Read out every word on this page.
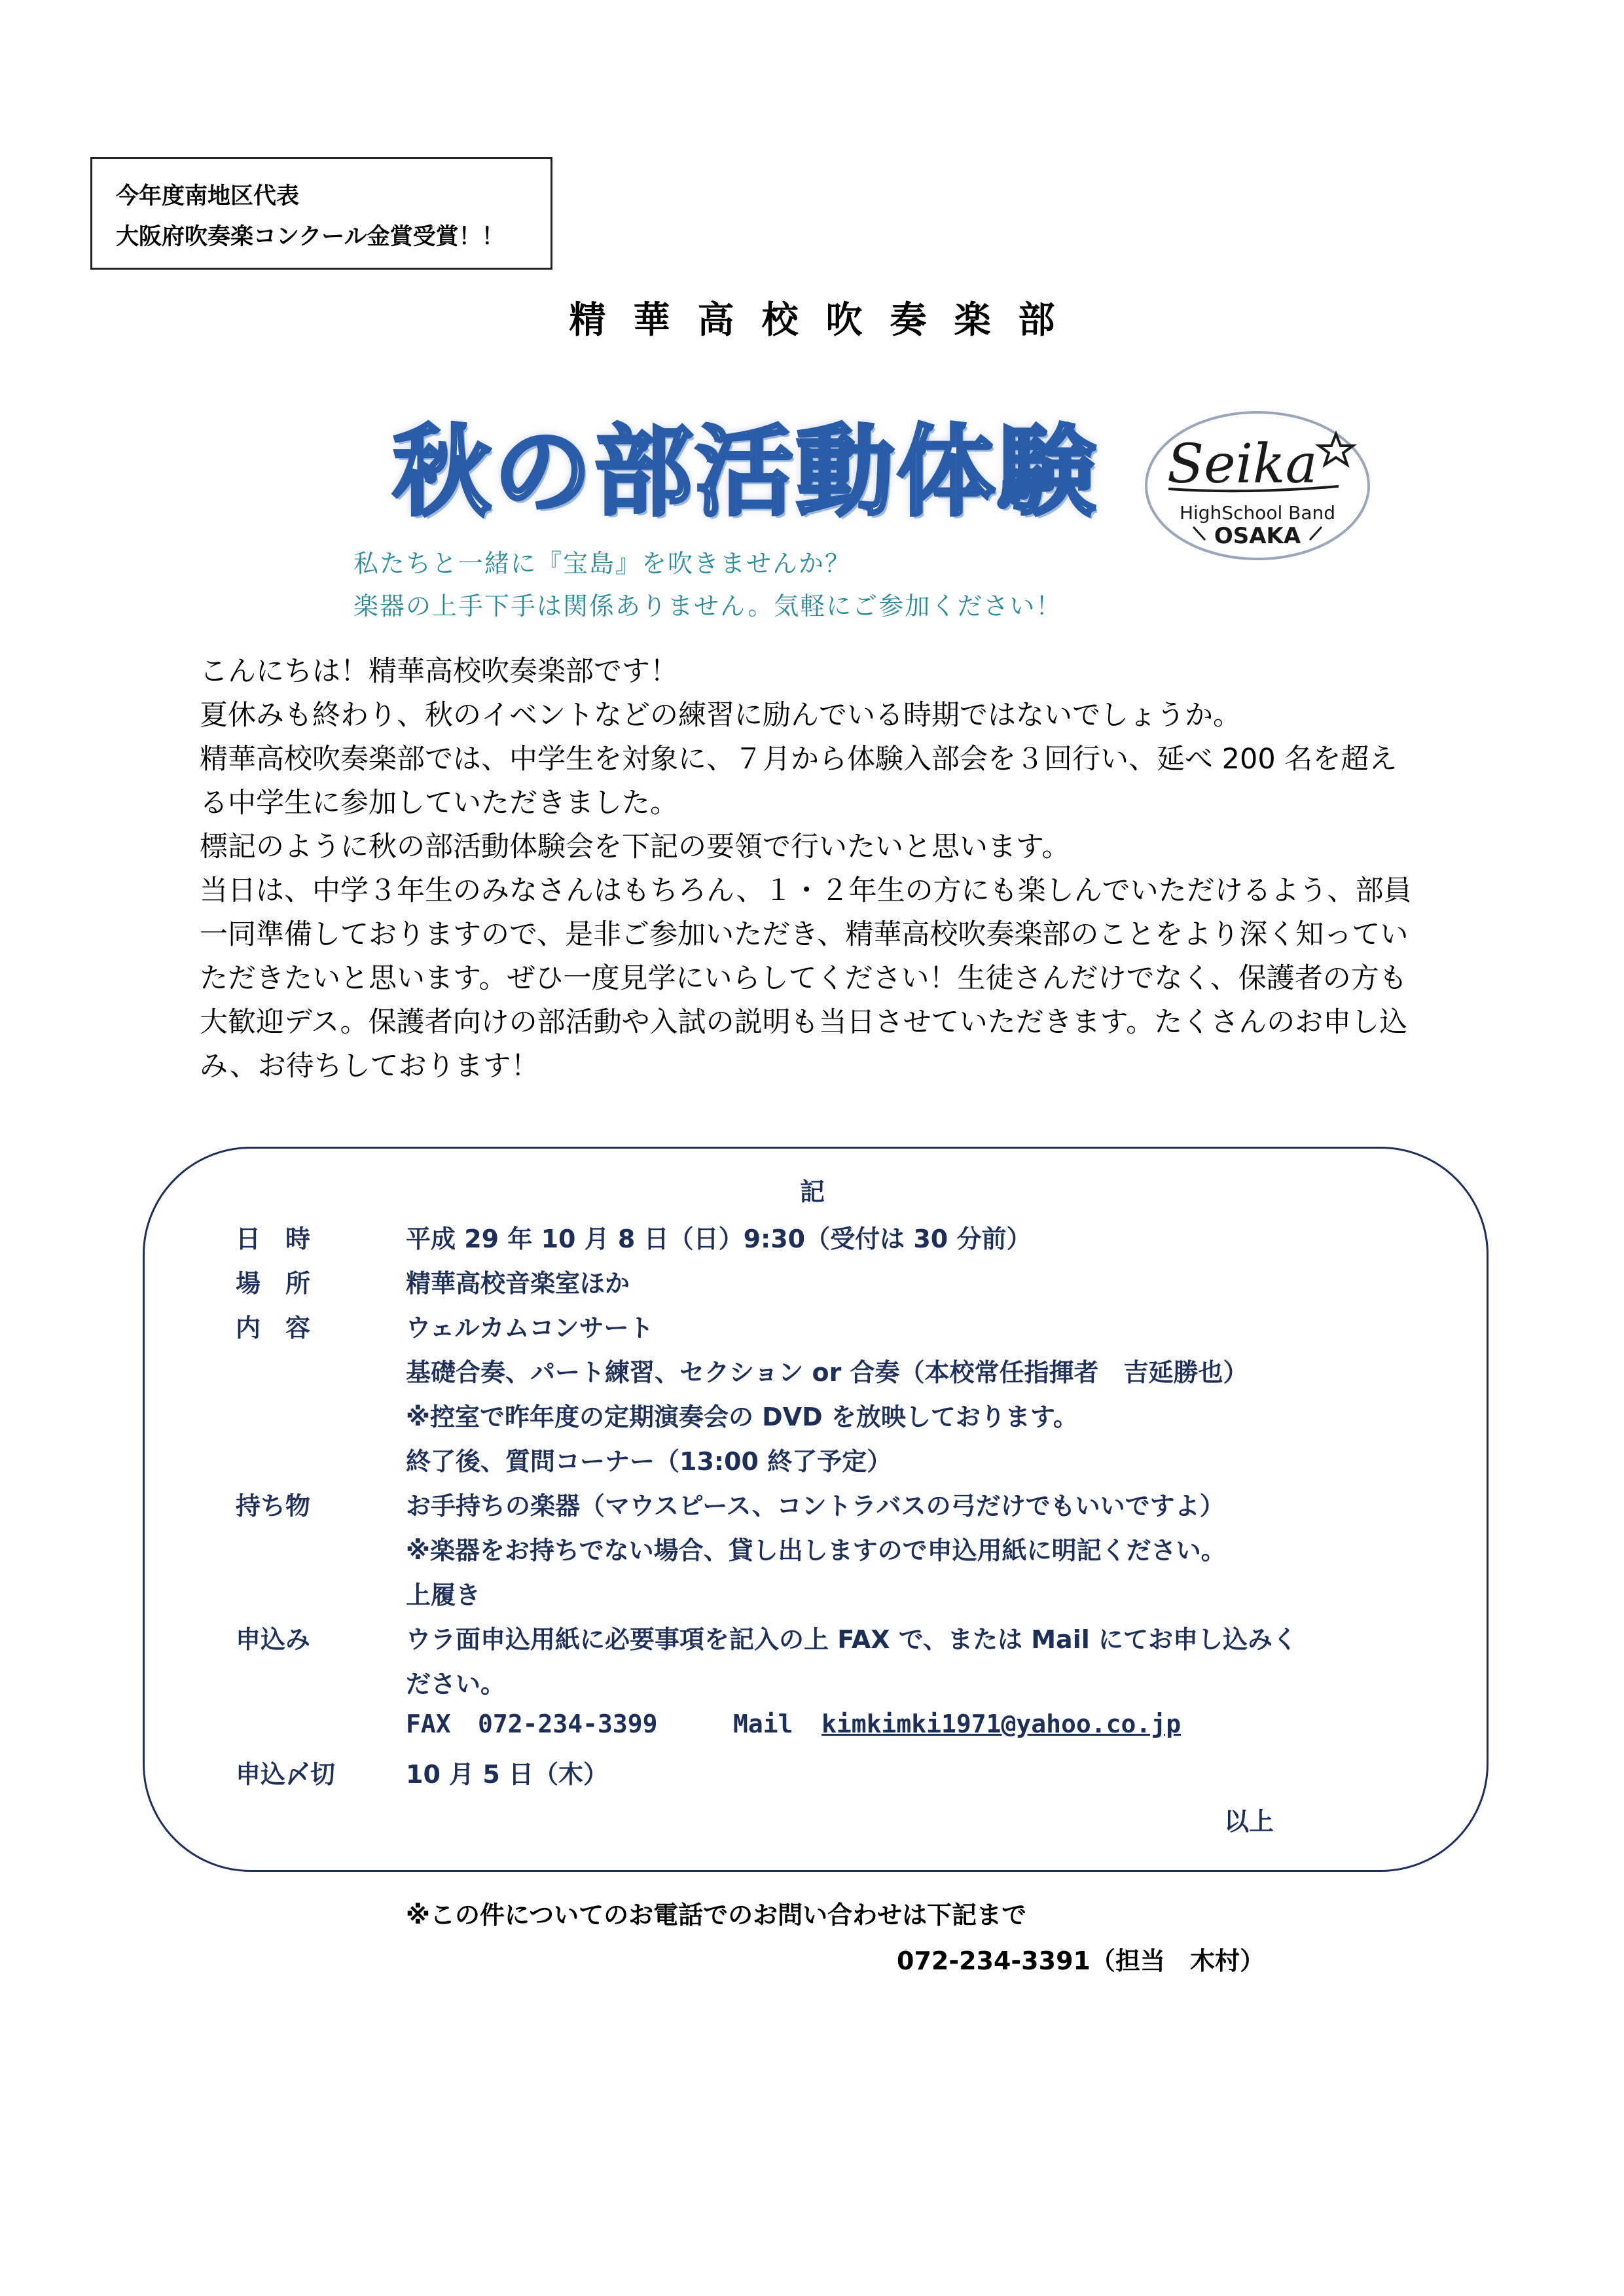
今年度南地区代表
大阪府吹奏楽コンクール金賞受賞！！
精華高校吹奏楽部
秋の部活動体験 Seika
HighSchool Band
OSAKA
私たちと一緒に『宝島』を吹きませんか？
楽器の上手下手は関係ありません。気軽にご参加ください！

こんにちは！精華高校吹奏楽部です！

夏休みも終わり、秋のイベントなどの練習に励んでいる時期ではないでしょうか。

精華高校吹奏楽部では、中学生を対象に、７月から体験入部会を３回行い、延べ 200 名を超え

る中学生に参加していただきました。

標記のように秋の部活動体験会を下記の要領で行いたいと思います。

当日は、中学３年生のみなさんはもちろん、１・２年生の方にも楽しんでいただけるよう、部員

一同準備しておりますので、是非ご参加いただき、精華高校吹奏楽部のことをより深く知ってい

ただきたいと思います。ぜひ一度見学にいらしてください！生徒さんだけでなく、保護者の方も

大歓迎デス。保護者向けの部活動や入試の説明も当日させていただきます。たくさんのお申し込

み、お待ちしております！

記
日　時	平成 29 年 10 月 8 日（日）9:30（受付は 30 分前）
場　所	精華高校音楽室ほか
内　容	ウェルカムコンサート
基礎合奏、パート練習、セクション or 合奏（本校常任指揮者　吉延勝也）
※控室で昨年度の定期演奏会の DVD を放映しております。
終了後、質問コーナー（13:00 終了予定）
持ち物	お手持ちの楽器（マウスピース、コントラバスの弓だけでもいいですよ）
※楽器をお持ちでない場合、貸し出しますので申込用紙に明記ください。
上履き
申込み	ウラ面申込用紙に必要事項を記入の上 FAX で、または Mail にてお申し込みく
ださい。
FAX 072-234-3399	Mail kimkimki1971@yahoo.co.jp
申込〆切	10 月 5 日（木）
以上
※この件についてのお電話でのお問い合わせは下記まで
072-234-3391（担当　木村）
